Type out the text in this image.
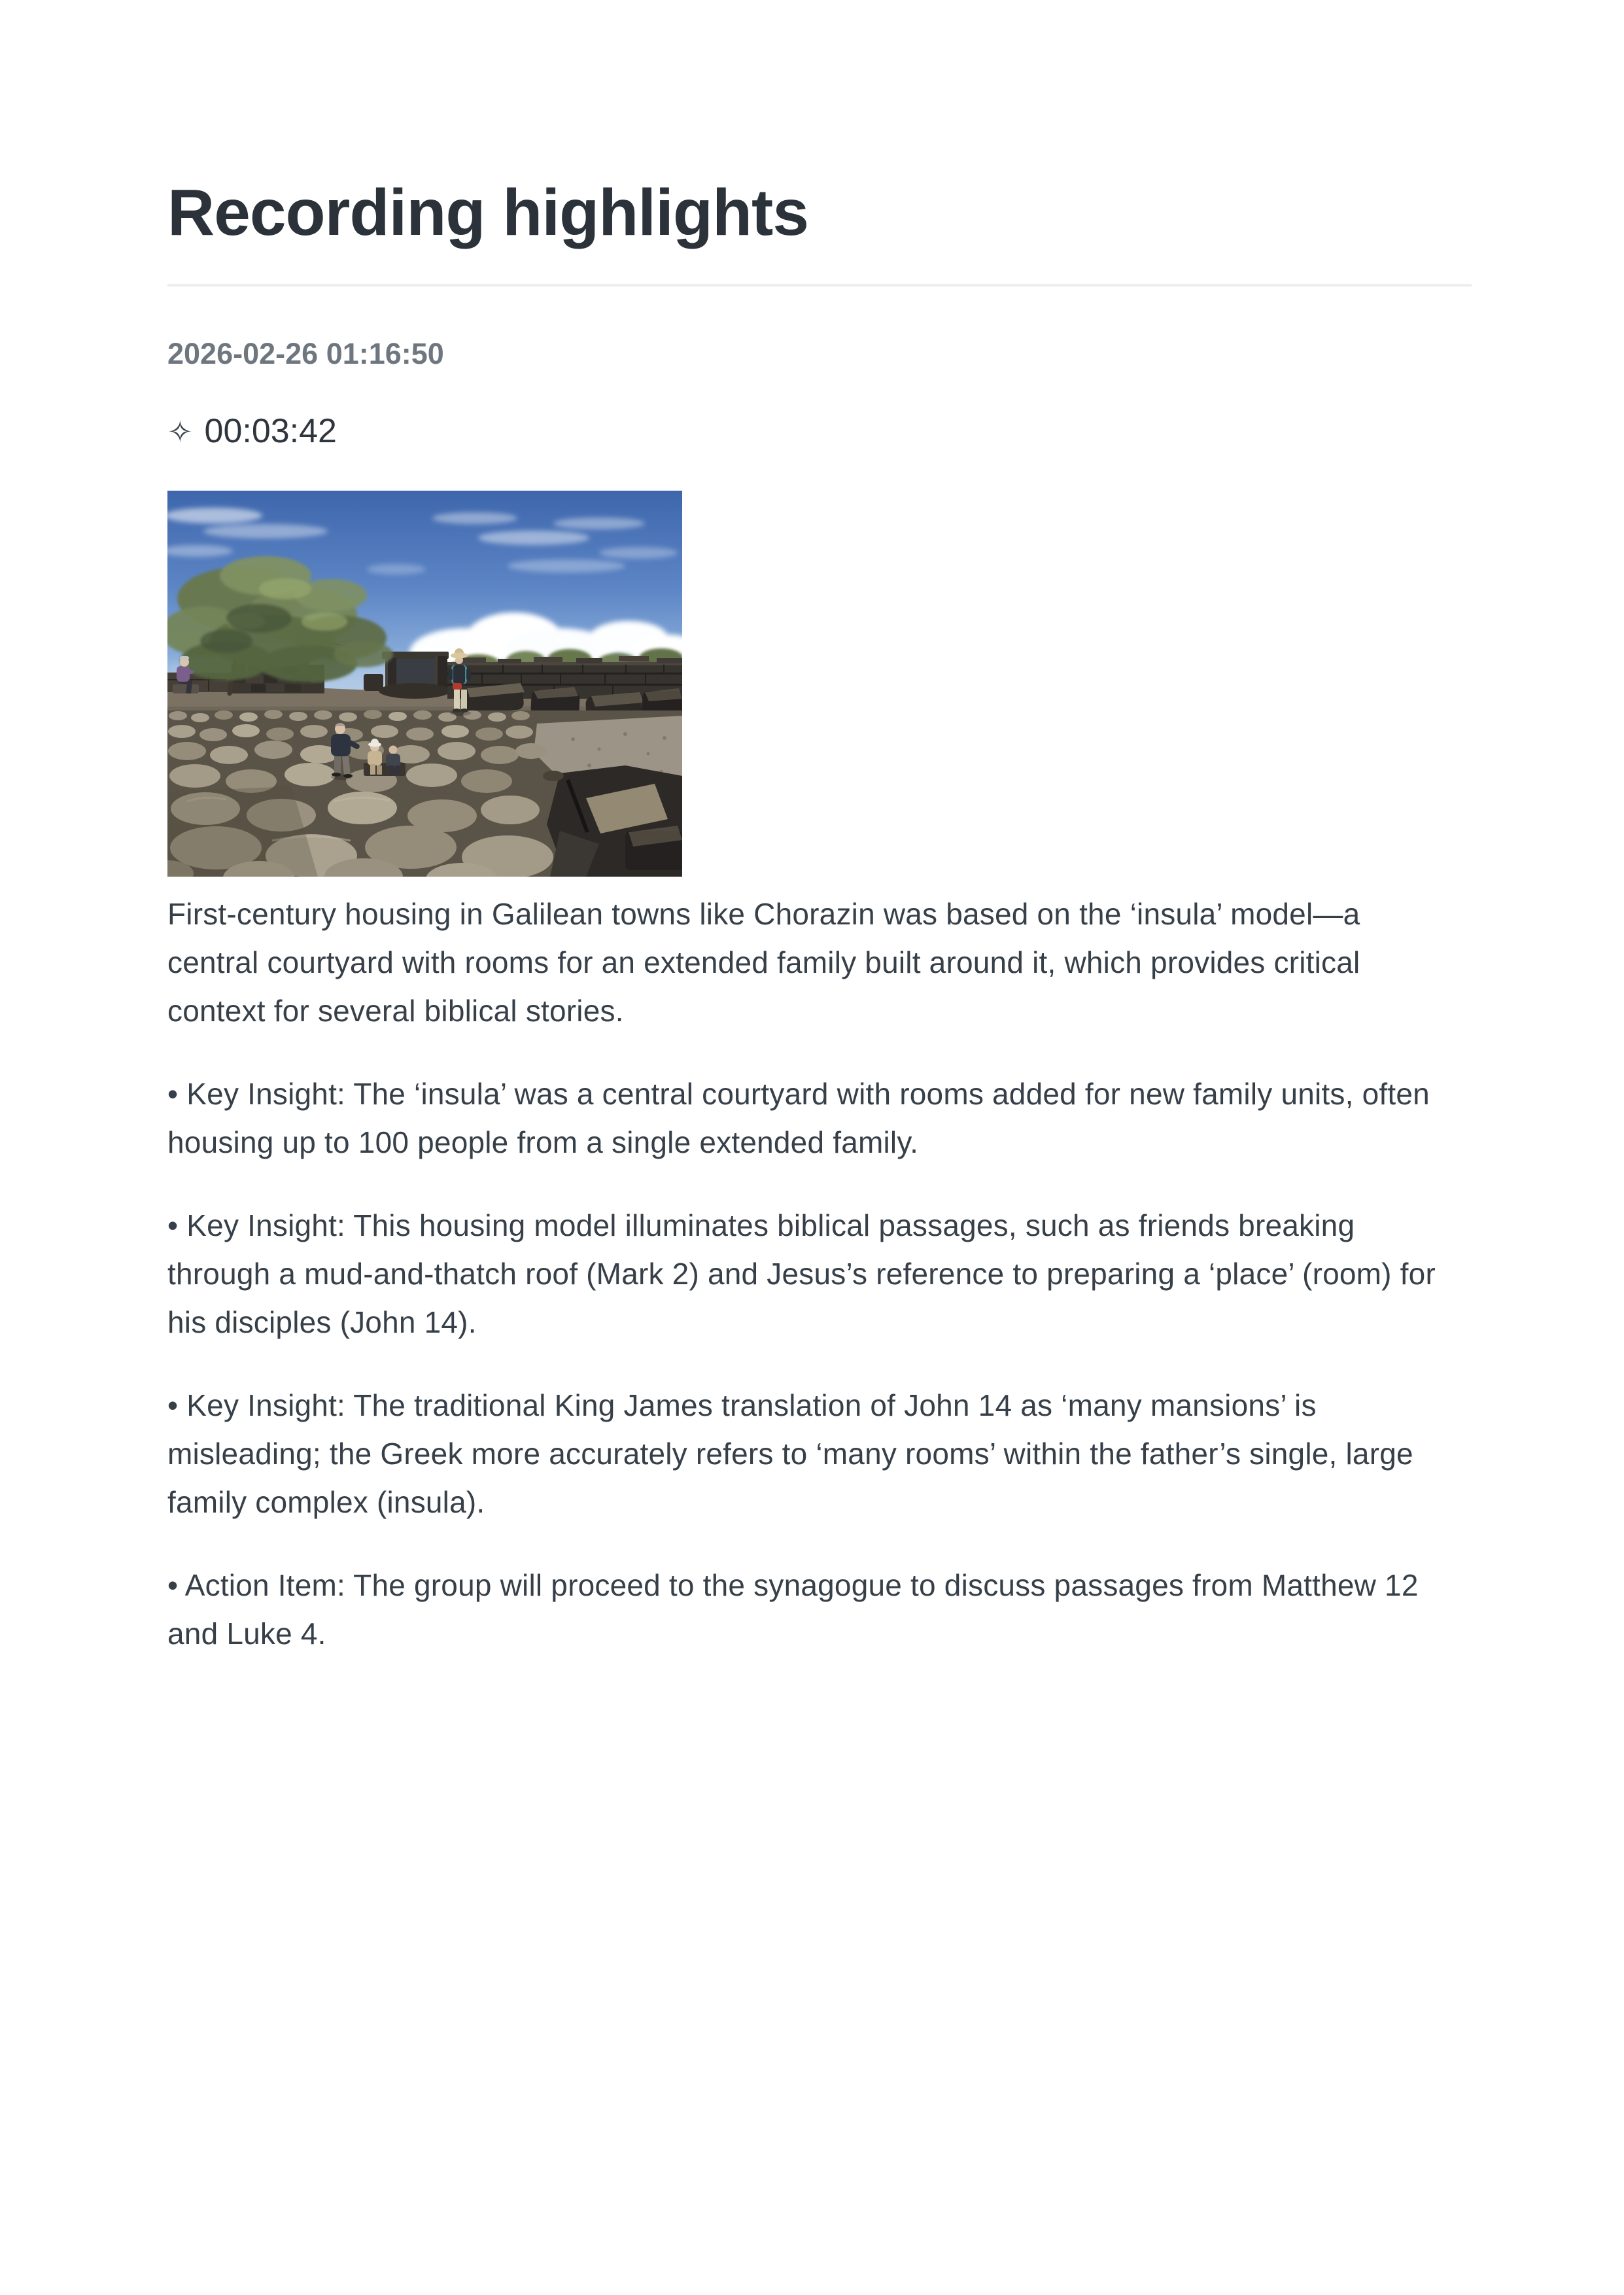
Recording highlights
2026-02-26 01:16:50
✧ 00:03:42

First-century housing in Galilean towns like Chorazin was based on the ‘insula’ model—a central courtyard with rooms for an extended family built around it, which provides critical context for several biblical stories.

• Key Insight: The ‘insula’ was a central courtyard with rooms added for new family units, often housing up to 100 people from a single extended family.

• Key Insight: This housing model illuminates biblical passages, such as friends breaking through a mud-and-thatch roof (Mark 2) and Jesus’s reference to preparing a ‘place’ (room) for his disciples (John 14).

• Key Insight: The traditional King James translation of John 14 as ‘many mansions’ is misleading; the Greek more accurately refers to ‘many rooms’ within the father’s single, large family complex (insula).

• Action Item: The group will proceed to the synagogue to discuss passages from Matthew 12 and Luke 4.
